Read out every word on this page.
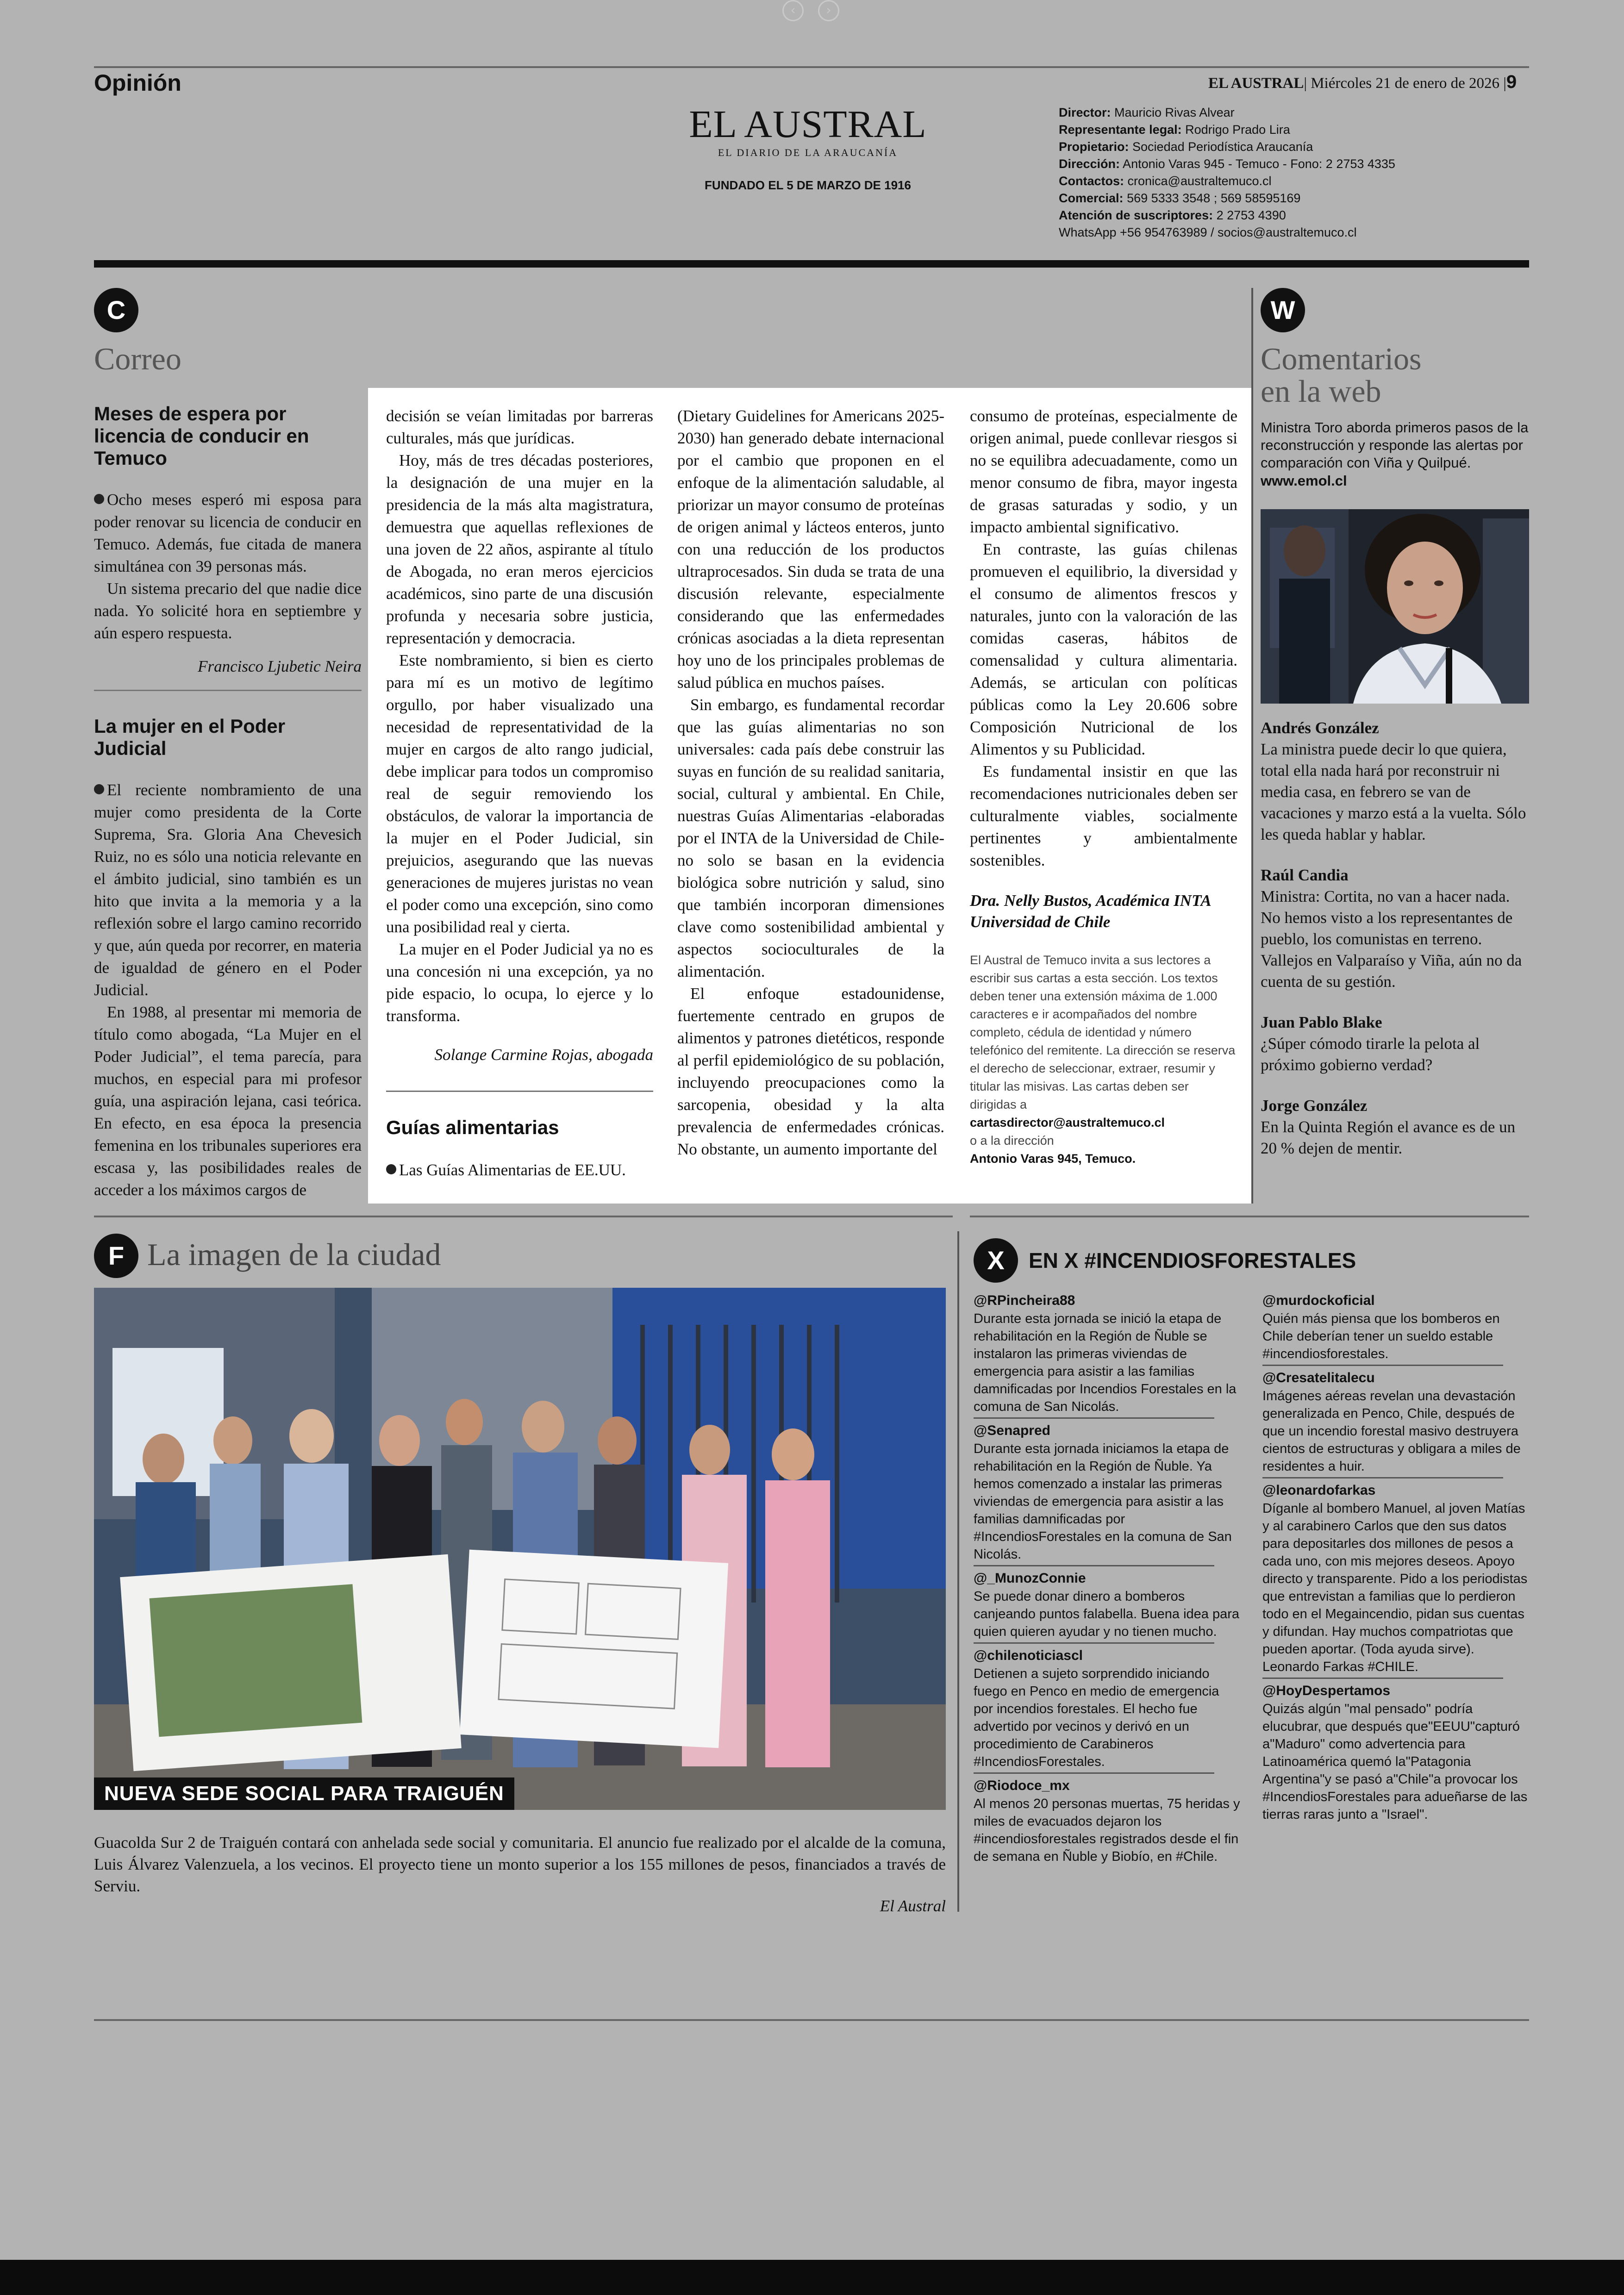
‹	›
Opinión	EL AUSTRAL| Miércoles 21 de enero de 2026 |9
EL AUSTRAL
EL DIARIO DE LA ARAUCANÍA
FUNDADO EL 5 DE MARZO DE 1916
Director: Mauricio Rivas Alvear
Representante legal: Rodrigo Prado Lira
Propietario: Sociedad Periodística Araucanía
Dirección: Antonio Varas 945 - Temuco - Fono: 2 2753 4335
Contactos: cronica@australtemuco.cl
Comercial: 569 5333 3548 ; 569 58595169
Atención de suscriptores: 2 2753 4390
WhatsApp +56 954763989 / socios@australtemuco.cl
C
Correo
Meses de espera por licencia de conducir en Temuco

Ocho meses esperó mi esposa para poder renovar su licencia de conducir en Temuco. Además, fue citada de manera simultánea con 39 personas más.

Un sistema precario del que nadie dice nada. Yo solicité hora en septiembre y aún espero respuesta.

Francisco Ljubetic Neira
La mujer en el Poder Judicial

El reciente nombramiento de una mujer como presidenta de la Corte Suprema, Sra. Gloria Ana Chevesich Ruiz, no es sólo una noticia relevante en el ámbito judicial, sino también es un hito que invita a la memoria y a la reflexión sobre el largo camino recorrido y que, aún queda por recorrer, en materia de igualdad de género en el Poder Judicial.

En 1988, al presentar mi memoria de título como abogada, “La Mujer en el Poder Judicial”, el tema parecía, para muchos, en especial para mi profesor guía, una aspiración lejana, casi teórica. En efecto, en esa época la presencia femenina en los tribunales superiores era escasa y, las posibilidades reales de acceder a los máximos cargos de

decisión se veían limitadas por barreras culturales, más que jurídicas.

Hoy, más de tres décadas posteriores, la designación de una mujer en la presidencia de la más alta magistratura, demuestra que aquellas reflexiones de una joven de 22 años, aspirante al título de Abogada, no eran meros ejercicios académicos, sino parte de una discusión profunda y necesaria sobre justicia, representación y democracia.

Este nombramiento, si bien es cierto para mí es un motivo de legítimo orgullo, por haber visualizado una necesidad de representatividad de la mujer en cargos de alto rango judicial, debe implicar para todos un compromiso real de seguir removiendo los obstáculos, de valorar la importancia de la mujer en el Poder Judicial, sin prejuicios, asegurando que las nuevas generaciones de mujeres juristas no vean el poder como una excepción, sino como una posibilidad real y cierta.

La mujer en el Poder Judicial ya no es una concesión ni una excepción, ya no pide espacio, lo ocupa, lo ejerce y lo transforma.

Solange Carmine Rojas, abogada
Guías alimentarias

Las Guías Alimentarias de EE.UU.

(Dietary Guidelines for Americans 2025-2030) han generado debate internacional por el cambio que proponen en el enfoque de la alimentación saludable, al priorizar un mayor consumo de proteínas de origen animal y lácteos enteros, junto con una reducción de los productos ultraprocesados. Sin duda se trata de una discusión relevante, especialmente considerando que las enfermedades crónicas asociadas a la dieta representan hoy uno de los principales problemas de salud pública en muchos países.

Sin embargo, es fundamental recordar que las guías alimentarias no son universales: cada país debe construir las suyas en función de su realidad sanitaria, social, cultural y ambiental. En Chile, nuestras Guías Alimentarias -elaboradas por el INTA de la Universidad de Chile- no solo se basan en la evidencia biológica sobre nutrición y salud, sino que también incorporan dimensiones clave como sostenibilidad ambiental y aspectos socioculturales de la alimentación.

El enfoque estadounidense, fuertemente centrado en grupos de alimentos y patrones dietéticos, responde al perfil epidemiológico de su población, incluyendo preocupaciones como la sarcopenia, obesidad y la alta prevalencia de enfermedades crónicas. No obstante, un aumento importante del

consumo de proteínas, especialmente de origen animal, puede conllevar riesgos si no se equilibra adecuadamente, como un menor consumo de fibra, mayor ingesta de grasas saturadas y sodio, y un impacto ambiental significativo.

En contraste, las guías chilenas promueven el equilibrio, la diversidad y el consumo de alimentos frescos y naturales, junto con la valoración de las comidas caseras, hábitos de comensalidad y cultura alimentaria. Además, se articulan con políticas públicas como la Ley 20.606 sobre Composición Nutricional de los Alimentos y su Publicidad.

Es fundamental insistir en que las recomendaciones nutricionales deben ser culturalmente viables, socialmente pertinentes y ambientalmente sostenibles.

Dra. Nelly Bustos, Académica INTA
Universidad de Chile
El Austral de Temuco invita a sus lectores a escribir sus cartas a esta sección. Los textos deben tener una extensión máxima de 1.000 caracteres e ir acompañados del nombre completo, cédula de identidad y número telefónico del remitente. La dirección se reserva el derecho de seleccionar, extraer, resumir y titular las misivas. Las cartas deben ser dirigidas a
cartasdirector@australtemuco.cl
o a la dirección
Antonio Varas 945, Temuco.
W
Comentarios
en la web
Ministra Toro aborda primeros pasos de la reconstrucción y responde las alertas por comparación con Viña y Quilpué.
www.emol.cl
Andrés González
La ministra puede decir lo que quiera, total ella nada hará por reconstruir ni media casa, en febrero se van de vacaciones y marzo está a la vuelta. Sólo les queda hablar y hablar.
Raúl Candia
Ministra: Cortita, no van a hacer nada. No hemos visto a los representantes de pueblo, los comunistas en terreno. Vallejos en Valparaíso y Viña, aún no da cuenta de su gestión.
Juan Pablo Blake
¿Súper cómodo tirarle la pelota al próximo gobierno verdad?
Jorge González
En la Quinta Región el avance es de un 20 % dejen de mentir.
F La imagen de la ciudad
NUEVA SEDE SOCIAL PARA TRAIGUÉN
Guacolda Sur 2 de Traiguén contará con anhelada sede social y comunitaria. El anuncio fue realizado por el alcalde de la comuna, Luis Álvarez Valenzuela, a los vecinos. El proyecto tiene un monto superior a los 155 millones de pesos, financiados a través de Serviu.
El Austral
X	EN X #INCENDIOSFORESTALES
@RPincheira88
Durante esta jornada se inició la etapa de rehabilitación en la Región de Ñuble se instalaron las primeras viviendas de emergencia para asistir a las familias damnificadas por Incendios Forestales en la comuna de San Nicolás.
@Senapred
Durante esta jornada iniciamos la etapa de rehabilitación en la Región de Ñuble. Ya hemos comenzado a instalar las primeras viviendas de emergencia para asistir a las familias damnificadas por #IncendiosForestales en la comuna de San Nicolás.
@_MunozConnie
Se puede donar dinero a bomberos canjeando puntos falabella. Buena idea para quien quieren ayudar y no tienen mucho.
@chilenoticiascl
Detienen a sujeto sorprendido iniciando fuego en Penco en medio de emergencia por incendios forestales. El hecho fue advertido por vecinos y derivó en un procedimiento de Carabineros #IncendiosForestales.
@Riodoce_mx
Al menos 20 personas muertas, 75 heridas y miles de evacuados dejaron los #incendiosforestales registrados desde el fin de semana en Ñuble y Biobío, en #Chile.
@murdockoficial
Quién más piensa que los bomberos en Chile deberían tener un sueldo estable #incendiosforestales.
@Cresatelitalecu
Imágenes aéreas revelan una devastación generalizada en Penco, Chile, después de que un incendio forestal masivo destruyera cientos de estructuras y obligara a miles de residentes a huir.
@leonardofarkas
Díganle al bombero Manuel, al joven Matías y al carabinero Carlos que den sus datos para depositarles dos millones de pesos a cada uno, con mis mejores deseos. Apoyo directo y transparente. Pido a los periodistas que entrevistan a familias que lo perdieron todo en el Megaincendio, pidan sus cuentas y difundan. Hay muchos compatriotas que pueden aportar. (Toda ayuda sirve). Leonardo Farkas #CHILE.
@HoyDespertamos
Quizás algún "mal pensado" podría elucubrar, que después que"EEUU"capturó a"Maduro" como advertencia para Latinoamérica quemó la"Patagonia Argentina"y se pasó a"Chile"a provocar los #IncendiosForestales para adueñarse de las tierras raras junto a "Israel".
